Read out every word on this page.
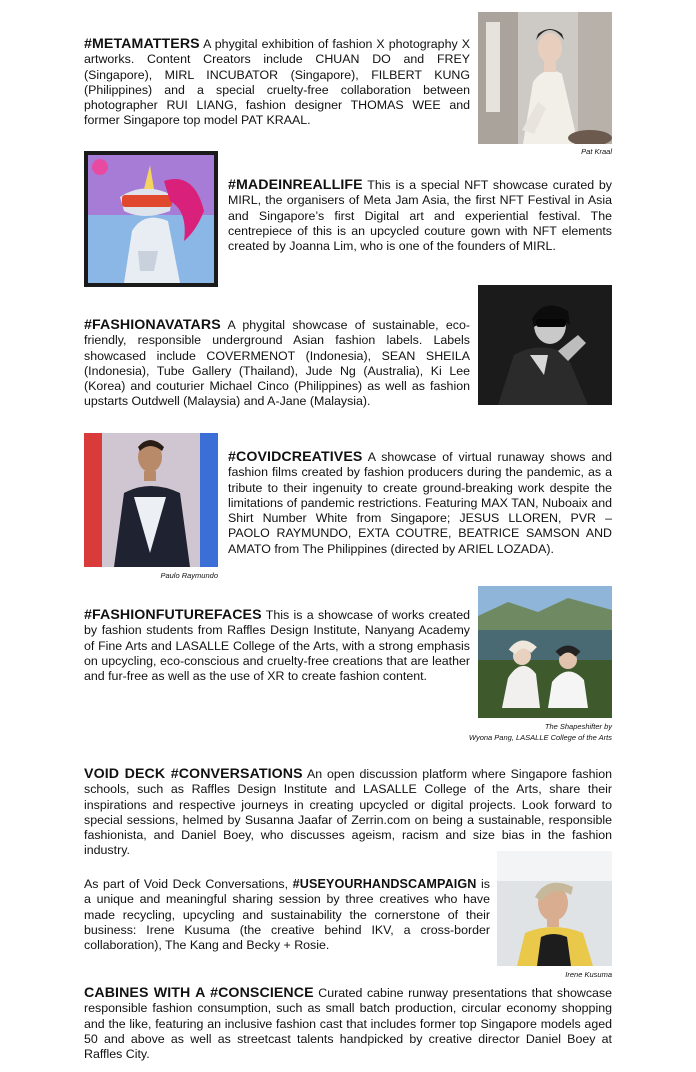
#METAMATTERS A phygital exhibition of fashion X photography X artworks. Content Creators include CHUAN DO and FREY (Singapore), MIRL INCUBATOR (Singapore), FILBERT KUNG (Philippines) and a special cruelty-free collaboration between photographer RUI LIANG, fashion designer THOMAS WEE and former Singapore top model PAT KRAAL.

Pat Kraal

#MADEINREALLIFE This is a special NFT showcase curated by MIRL, the organisers of Meta Jam Asia, the first NFT Festival in Asia and Singapore’s first Digital art and experiential festival. The centrepiece of this is an upcycled couture gown with NFT elements created by Joanna Lim, who is one of the founders of MIRL.

#FASHIONAVATARS A phygital showcase of sustainable, eco-friendly, responsible underground Asian fashion labels. Labels showcased include COVERMENOT (Indonesia), SEAN SHEILA (Indonesia), Tube Gallery (Thailand), Jude Ng (Australia), Ki Lee (Korea) and couturier Michael Cinco (Philippines) as well as fashion upstarts Outdwell (Malaysia) and A-Jane (Malaysia).

Paulo Raymundo

#COVIDCREATIVES A showcase of virtual runaway shows and fashion films created by fashion producers during the pandemic, as a tribute to their ingenuity to create ground-breaking work despite the limitations of pandemic restrictions. Featuring MAX TAN, Nuboaix and Shirt Number White from Singapore; JESUS LLOREN, PVR – PAOLO RAYMUNDO, EXTA COUTRE, BEATRICE SAMSON AND AMATO from The Philippines (directed by ARIEL LOZADA).

#FASHIONFUTUREFACES This is a showcase of works created by fashion students from Raffles Design Institute, Nanyang Academy of Fine Arts and LASALLE College of the Arts, with a strong emphasis on upcycling, eco-conscious and cruelty-free creations that are leather and fur-free as well as the use of XR to create fashion content.

The Shapeshifter by
Wyona Pang, LASALLE College of the Arts

VOID DECK #CONVERSATIONS An open discussion platform where Singapore fashion schools, such as Raffles Design Institute and LASALLE College of the Arts, share their inspirations and respective journeys in creating upcycled or digital projects. Look forward to special sessions, helmed by Susanna Jaafar of Zerrin.com on being a sustainable, responsible fashionista, and Daniel Boey, who discusses ageism, racism and size bias in the fashion industry.

As part of Void Deck Conversations, #USEYOURHANDSCAMPAIGN is a unique and meaningful sharing session by three creatives who have made recycling, upcycling and sustainability the cornerstone of their business: Irene Kusuma (the creative behind IKV, a cross-border collaboration), The Kang and Becky + Rosie.

Irene Kusuma

CABINES WITH A #CONSCIENCE Curated cabine runway presentations that showcase responsible fashion consumption, such as small batch production, circular economy shopping and the like, featuring an inclusive fashion cast that includes former top Singapore models aged 50 and above as well as streetcast talents handpicked by creative director Daniel Boey at Raffles City.
